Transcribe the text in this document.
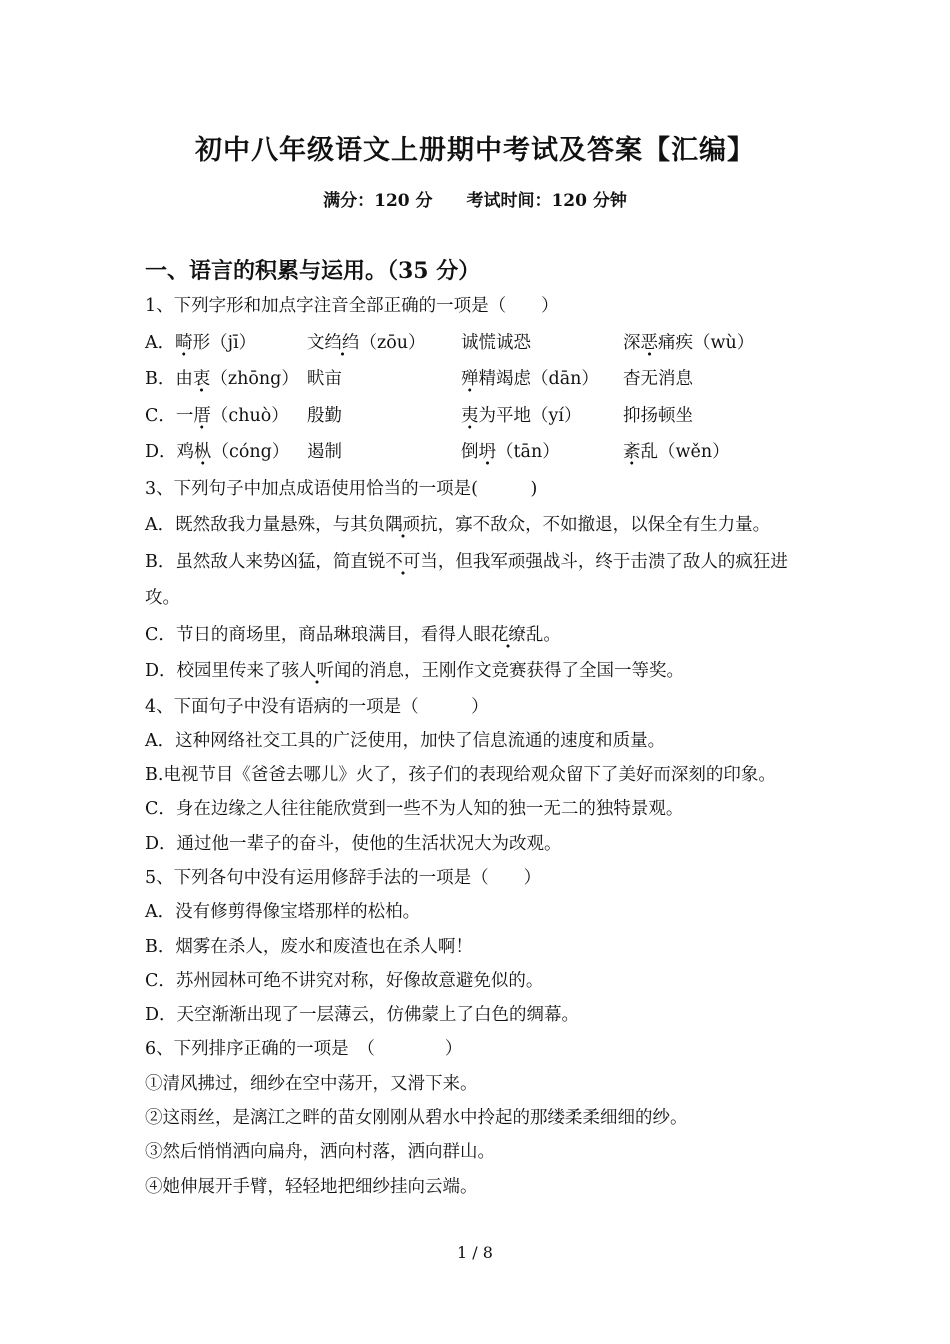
初中八年级语文上册期中考试及答案【汇编】
满分：120 分 考试时间：120 分钟
一、语言的积累与运用。（35 分）
1、下列字形和加点字注音全部正确的一项是（　　）
A．畸形（jī）	文绉绉（zōu）	诚慌诚恐	深恶痛疾（wù）
B．由衷（zhōng） 畎亩	殚精竭虑（dān）	杳无消息
C．一厝（chuò）	殷勤	夷为平地（yí）	抑扬顿坐
D．鸡枞（cóng）	遏制	倒坍（tān）	紊乱（wěn）
3、下列句子中加点成语使用恰当的一项是(　　　)
A．既然敌我力量悬殊，与其负隅顽抗，寡不敌众，不如撤退，以保全有生力量。
B．虽然敌人来势凶猛，简直锐不可当，但我军顽强战斗，终于击溃了敌人的疯狂进攻。
C．节日的商场里，商品琳琅满目，看得人眼花缭乱。
D．校园里传来了骇人听闻的消息，王刚作文竞赛获得了全国一等奖。
4、下面句子中没有语病的一项是（　　　）
A．这种网络社交工具的广泛使用，加快了信息流通的速度和质量。
B.电视节目《爸爸去哪儿》火了，孩子们的表现给观众留下了美好而深刻的印象。
C．身在边缘之人往往能欣赏到一些不为人知的独一无二的独特景观。
D．通过他一辈子的奋斗，使他的生活状况大为改观。
5、下列各句中没有运用修辞手法的一项是（　　）
A．没有修剪得像宝塔那样的松柏。
B．烟雾在杀人，废水和废渣也在杀人啊！
C．苏州园林可绝不讲究对称，好像故意避免似的。
D．天空渐渐出现了一层薄云，仿佛蒙上了白色的绸幕。
6、下列排序正确的一项是　（　　　　）
①清风拂过，细纱在空中荡开，又滑下来。
②这雨丝，是漓江之畔的苗女刚刚从碧水中拎起的那缕柔柔细细的纱。
③然后悄悄洒向扁舟，洒向村落，洒向群山。
④她伸展开手臂，轻轻地把细纱挂向云端。
1 / 8
